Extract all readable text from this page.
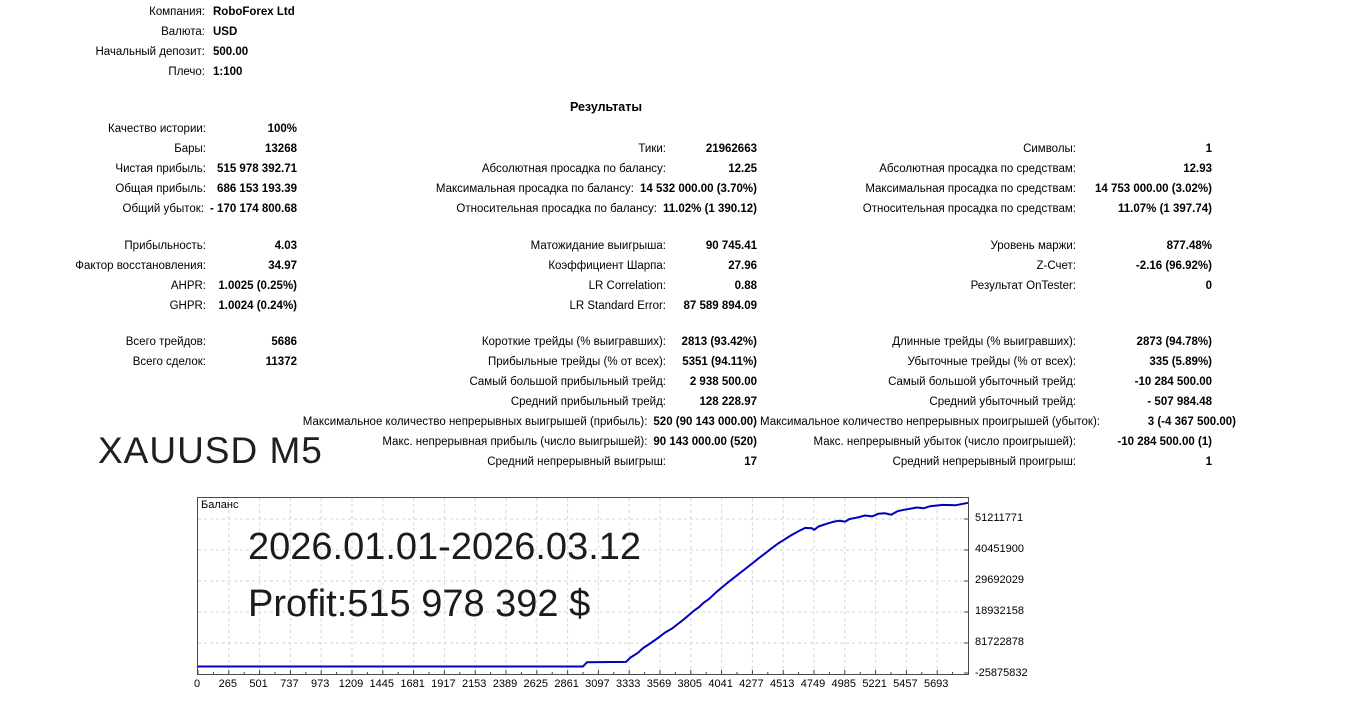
Компания: RoboForex Ltd
Валюта: USD
Начальный депозит: 500.00
Плечо: 1:100
Результаты
Качество истории:	100%
Бары:	13268	Тики:	21962663	Символы:	1
Чистая прибыль: 515 978 392.71	Абсолютная просадка по балансу:	12.25	Абсолютная просадка по средствам:	12.93
Общая прибыль: 686 153 193.39	Максимальная просадка по балансу: 14 532 000.00 (3.70%)	Максимальная просадка по средствам:	14 753 000.00 (3.02%)
Общий убыток: - 170 174 800.68	Относительная просадка по балансу: 11.02% (1 390.12)	Относительная просадка по средствам:	11.07% (1 397.74)
Прибыльность:	4.03	Матожидание выигрыша:	90 745.41	Уровень маржи:	877.48%
Фактор восстановления:	34.97	Коэффициент Шарпа:	27.96	Z-Счет:	-2.16 (96.92%)
AHPR:	1.0025 (0.25%)	LR Correlation:	0.88	Результат OnTester:	0
GHPR:	1.0024 (0.24%)	LR Standard Error:	87 589 894.09
Всего трейдов:	5686	Короткие трейды (% выигравших):	2813 (93.42%)	Длинные трейды (% выигравших):	2873 (94.78%)
Всего сделок:	11372	Прибыльные трейды (% от всех):	5351 (94.11%)	Убыточные трейды (% от всех):	335 (5.89%)
Самый большой прибыльный трейд:	2 938 500.00	Самый большой убыточный трейд:	-10 284 500.00
Средний прибыльный трейд:	128 228.97	Средний убыточный трейд:	- 507 984.48
Максимальное количество непрерывных выигрышей (прибыль): 520 (90 143 000.00) Максимальное количество непрерывных проигрышей (убыток):	3 (-4 367 500.00)
Макс. непрерывная прибыль (число выигрышей): 90 143 000.00 (520)	Макс. непрерывный убыток (число проигрышей):	-10 284 500.00 (1)
Средний непрерывный выигрыш:	17	Средний непрерывный проигрыш:	1
XAUUSD M5
Баланс
2026.01.01-2026.03.12
Profit:515 978 392 $
51211771
40451900
29692029
18932158
81722878
-25875832
0 265 501 737 973 1209 1445 1681 1917 2153 2389 2625 2861 3097 3333 3569 3805 4041 4277 4513 4749 4985 5221 5457 5693
